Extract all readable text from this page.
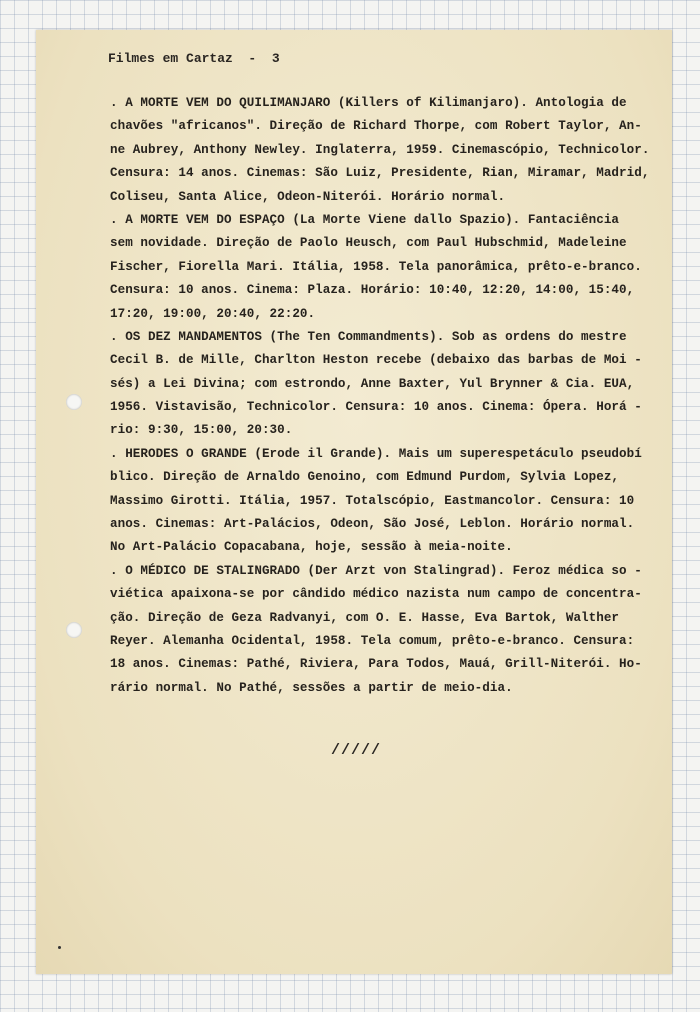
Filmes em Cartaz  -  3
. A MORTE VEM DO QUILIMANJARO (Killers of Kilimanjaro). Antologia de
chavões "africanos". Direção de Richard Thorpe, com Robert Taylor, An-
ne Aubrey, Anthony Newley. Inglaterra, 1959. Cinemascópio, Technicolor.
Censura: 14 anos. Cinemas: São Luiz, Presidente, Rian, Miramar, Madrid,
Coliseu, Santa Alice, Odeon-Niterói. Horário normal.
. A MORTE VEM DO ESPAÇO (La Morte Viene dallo Spazio). Fantaciência
sem novidade. Direção de Paolo Heusch, com Paul Hubschmid, Madeleine
Fischer, Fiorella Mari. Itália, 1958. Tela panorâmica, prêto-e-branco.
Censura: 10 anos. Cinema: Plaza. Horário: 10:40, 12:20, 14:00, 15:40,
17:20, 19:00, 20:40, 22:20.
. OS DEZ MANDAMENTOS (The Ten Commandments). Sob as ordens do mestre
Cecil B. de Mille, Charlton Heston recebe (debaixo das barbas de Moi -
sés) a Lei Divina; com estrondo, Anne Baxter, Yul Brynner & Cia. EUA,
1956. Vistavisão, Technicolor. Censura: 10 anos. Cinema: Ópera. Horá -
rio: 9:30, 15:00, 20:30.
. HERODES O GRANDE (Erode il Grande). Mais um superespetáculo pseudobí
blico. Direção de Arnaldo Genoino, com Edmund Purdom, Sylvia Lopez,
Massimo Girotti. Itália, 1957. Totalscópio, Eastmancolor. Censura: 10
anos. Cinemas: Art-Palácios, Odeon, São José, Leblon. Horário normal.
No Art-Palácio Copacabana, hoje, sessão à meia-noite.
. O MÉDICO DE STALINGRADO (Der Arzt von Stalingrad). Feroz médica so -
viética apaixona-se por cândido médico nazista num campo de concentra-
ção. Direção de Geza Radvanyi, com O. E. Hasse, Eva Bartok, Walther
Reyer. Alemanha Ocidental, 1958. Tela comum, prêto-e-branco. Censura:
18 anos. Cinemas: Pathé, Riviera, Para Todos, Mauá, Grill-Niterói. Ho-
rário normal. No Pathé, sessões a partir de meio-dia.
/////
